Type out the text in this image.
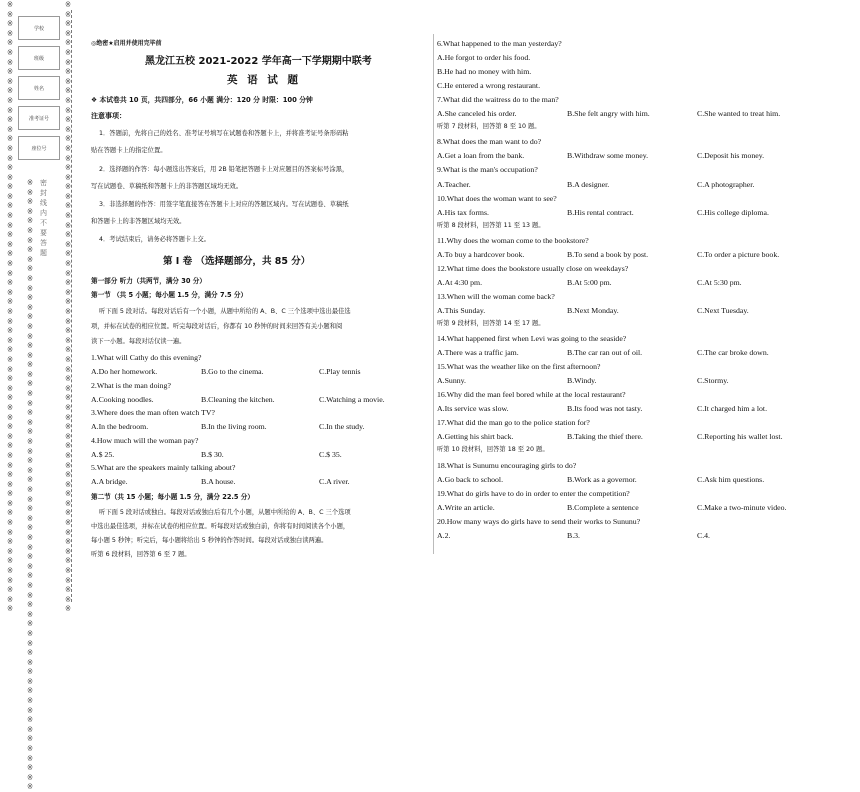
※
※
※
※
※
※
※
※
※
※
※
※
※
※
※
※
※
※
※
※
※
※
※
※
※
※
※
※
※
※
※
※
※
※
※
※
※
※
※
※
※
※
※
※
※
※
※
※
※
※
※
※
※
※
※
※
※
※
※
※
※
※
※
※

※
※
※
※
※
※
※
※
※
※
※
※
※
※
※
※
※
※
※
※
※
※
※
※
※
※
※
※
※
※
※
※
※
※
※
※
※
※
※
※
※
※
※
※
※
※
※
※
※
※
※
※
※
※
※
※
※
※
※
※
※
※
※
※

※
※
※
※
※
※
※
※
※
※
※
※
※
※
※
※
※
※
※
※
※
※
※
※
※
※
※
※
※
※
※
※
※
※
※
※
※
※
※
※
※
※
※
※
※
※
※
※
※
※
※
※
※
※
※
※
※
※
※
※
※
※
※
※

学校
班级
姓名
准考证号
座位号
密封线内不要答题
◎绝密★启用并使用完毕前
黑龙江五校 2021-2022 学年高一下学期期中联考
英 语 试 题
❖ 本试卷共 10 页，共四部分，66 小题 满分：120 分 时限：100 分钟
注意事项：
第 I 卷 （选择题部分，共 85 分）
第一部分 听力（共两节，满分 30 分）
第一节 （共 5 小题；每小题 1.5 分，满分 7.5 分）
第二节（共 15 小题；每小题 1.5 分，满分 22.5 分）
1．答题前，先将自己的姓名、准考证号填写在试题卷和答题卡上，并将准考证号条形码粘
贴在答题卡上的指定位置。
2．选择题的作答：每小题选出答案后，用 2B 铅笔把答题卡上对应题目的答案标号涂黑，
写在试题卷、草稿纸和答题卡上的非答题区域均无效。
3．非选择题的作答：用签字笔直接答在答题卡上对应的答题区域内。写在试题卷、草稿纸
和答题卡上的非答题区域均无效。
4．考试结束后，请务必将答题卡上交。
听下面 5 段对话。每段对话后有一个小题，从题中所给的 A、B、C 三个选项中选出最佳选
项，并标在试卷的相应位置。听完每段对话后，你都有 10 秒钟的时间来回答有关小题和阅
读下一小题。每段对话仅读一遍。
1.What will Cathy do this evening?
A.Do her homework.	B.Go to the cinema.	C.Play tennis
2.What is the man doing?
A.Cooking noodles.	B.Cleaning the kitchen.	C.Watching a movie.
3.Where does the man often watch TV?
A.In the bedroom.	B.In the living room.	C.In the study.
4.How much will the woman pay?
A.$ 25.	B.$ 30.	C.$ 35.
5.What are the speakers mainly talking about?
A.A bridge.	B.A house.	C.A river.
听下面 5 段对话或独白。每段对话或独白后有几个小题，从题中所给的 A、B、C 三个选项
中选出最佳选项，并标在试卷的相应位置。听每段对话或独白前，你将有时间阅读各个小题，
每小题 5 秒钟；听完后，每小题将给出 5 秒钟的作答时间。每段对话或独白读两遍。
听第 6 段材料，回答第 6 至 7 题。
6.What happened to the man yesterday?
A.He forgot to order his food.
B.He had no money with him.
C.He entered a wrong restaurant.
7.What did the waitress do to the man?
A.She canceled his order.	B.She felt angry with him.	C.She wanted to treat him.
听第 7 段材料，回答第 8 至 10 题。
8.What does the man want to do?
A.Get a loan from the bank.	B.Withdraw some money.	C.Deposit his money.
9.What is the man's occupation?
A.Teacher.	B.A designer.	C.A photographer.
10.What does the woman want to see?
A.His tax forms.	B.His rental contract.	C.His college diploma.
听第 8 段材料，回答第 11 至 13 题。
11.Why does the woman come to the bookstore?
A.To buy a hardcover book.	B.To send a book by post.	C.To order a picture book.
12.What time does the bookstore usually close on weekdays?
A.At 4:30 pm.	B.At 5:00 pm.	C.At 5:30 pm.
13.When will the woman come back?
A.This Sunday.	B.Next Monday.	C.Next Tuesday.
听第 9 段材料，回答第 14 至 17 题。
14.What happened first when Levi was going to the seaside?
A.There was a traffic jam.	B.The car ran out of oil.	C.The car broke down.
15.What was the weather like on the first afternoon?
A.Sunny.	B.Windy.	C.Stormy.
16.Why did the man feel bored while at the local restaurant?
A.Its service was slow.	B.Its food was not tasty.	C.It charged him a lot.
17.What did the man go to the police station for?
A.Getting his shirt back.	B.Taking the thief there.	C.Reporting his wallet lost.
听第 10 段材料，回答第 18 至 20 题。
18.What is Sunumu encouraging girls to do?
A.Go back to school.	B.Work as a governor.	C.Ask him questions.
19.What do girls have to do in order to enter the competition?
A.Write an article.	B.Complete a sentence	C.Make a two-minute video.
20.How many ways do girls have to send their works to Sununu?
A.2.	B.3.	C.4.
